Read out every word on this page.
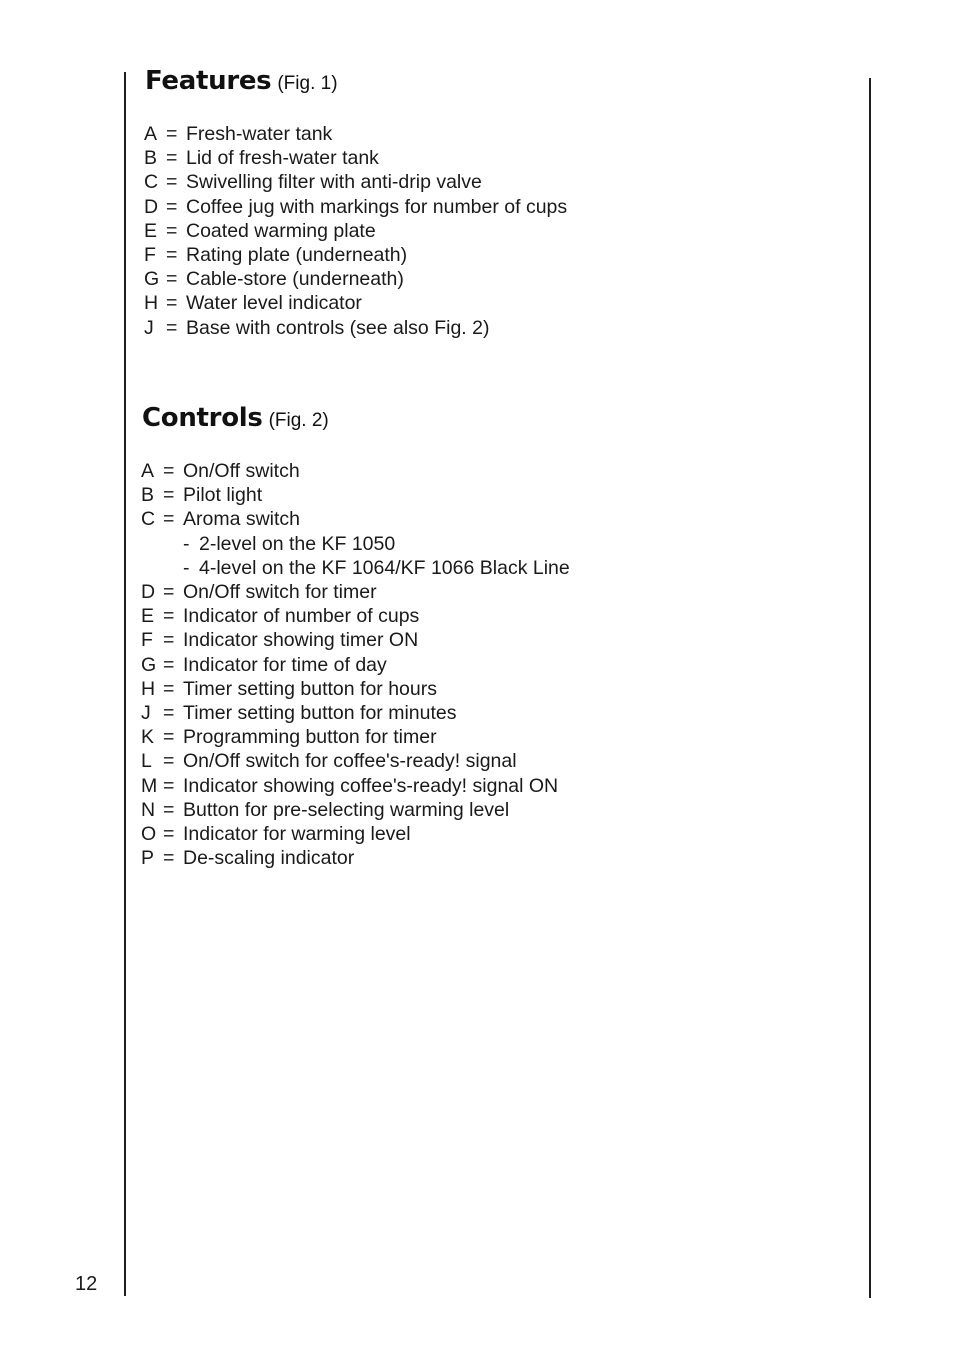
Features (Fig. 1)
A = Fresh-water tank
B = Lid of fresh-water tank
C = Swivelling filter with anti-drip valve
D = Coffee jug with markings for number of cups
E = Coated warming plate
F = Rating plate (underneath)
G = Cable-store (underneath)
H = Water level indicator
J = Base with controls (see also Fig. 2)
Controls (Fig. 2)
A = On/Off switch
B = Pilot light
C = Aroma switch
- 2-level on the KF 1050
- 4-level on the KF 1064/KF 1066 Black Line
D = On/Off switch for timer
E = Indicator of number of cups
F = Indicator showing timer ON
G = Indicator for time of day
H = Timer setting button for hours
J = Timer setting button for minutes
K = Programming button for timer
L = On/Off switch for coffee's-ready! signal
M = Indicator showing coffee's-ready! signal ON
N = Button for pre-selecting warming level
O = Indicator for warming level
P = De-scaling indicator
12
